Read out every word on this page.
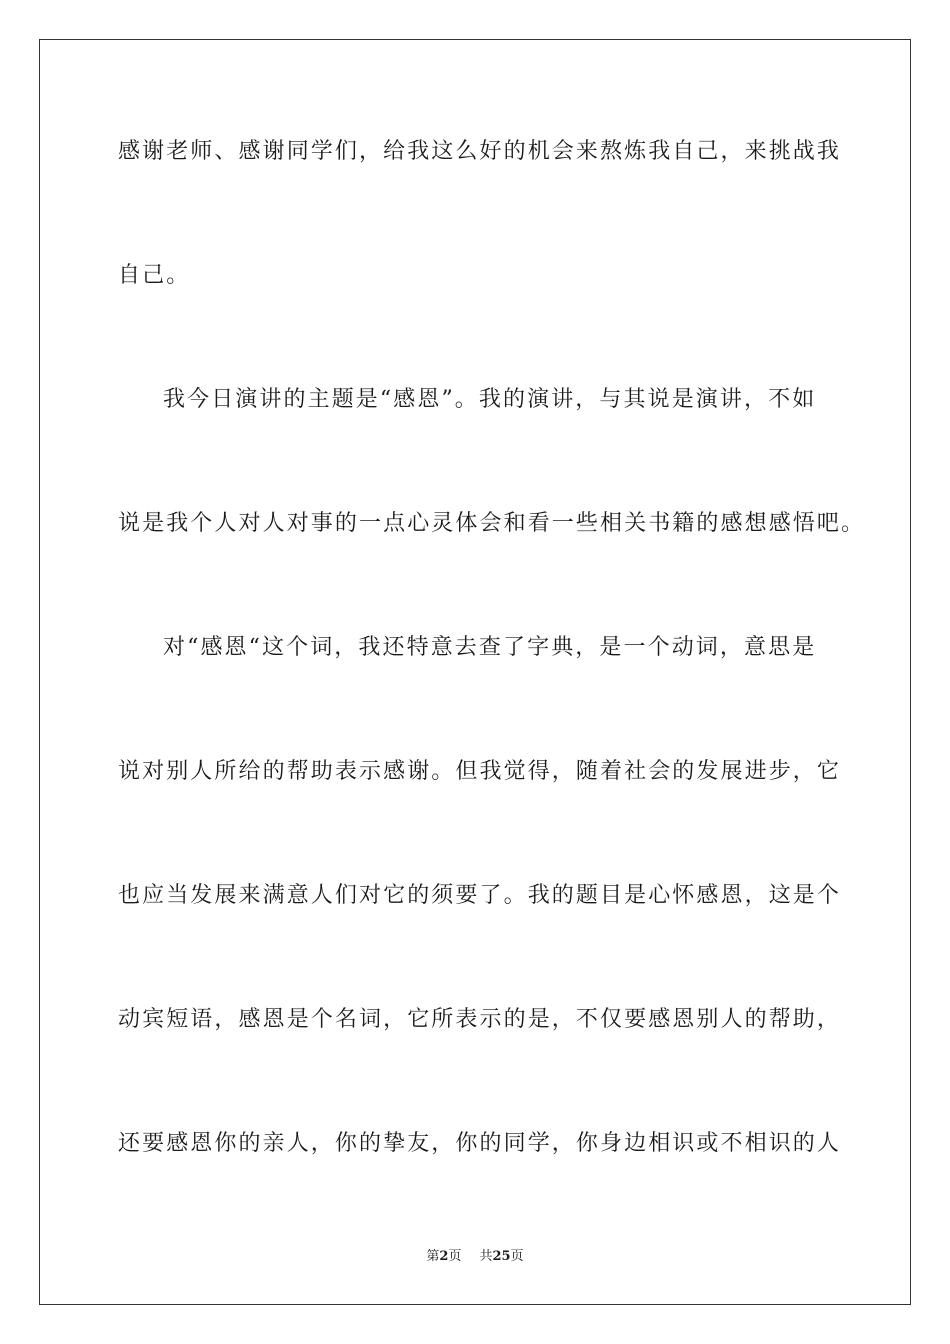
感谢老师、感谢同学们，给我这么好的机会来熬炼我自己，来挑战我
自己。
我今日演讲的主题是“感恩”。我的演讲，与其说是演讲，不如
说是我个人对人对事的一点心灵体会和看一些相关书籍的感想感悟吧。
对“感恩“这个词，我还特意去查了字典，是一个动词，意思是
说对别人所给的帮助表示感谢。但我觉得，随着社会的发展进步，它
也应当发展来满意人们对它的须要了。我的题目是心怀感恩，这是个
动宾短语，感恩是个名词，它所表示的是，不仅要感恩别人的帮助，
还要感恩你的亲人，你的挚友，你的同学，你身边相识或不相识的人
第2页 共25页
